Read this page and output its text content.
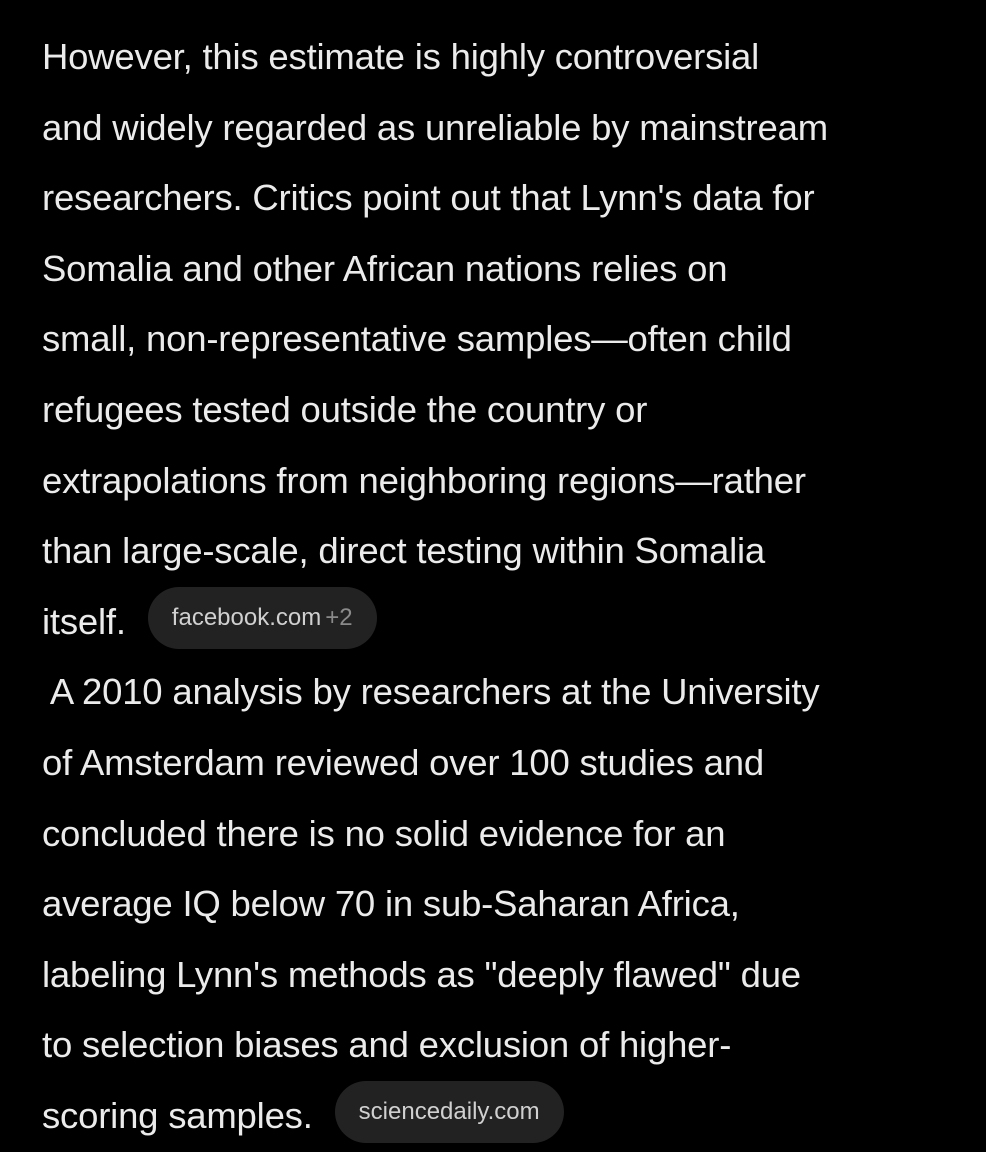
However, this estimate is highly controversial
and widely regarded as unreliable by mainstream
researchers. Critics point out that Lynn's data for
Somalia and other African nations relies on
small, non-representative samples—often child
refugees tested outside the country or
extrapolations from neighboring regions—rather
than large-scale, direct testing within Somalia
itself. facebook.com +2
A 2010 analysis by researchers at the University
of Amsterdam reviewed over 100 studies and
concluded there is no solid evidence for an
average IQ below 70 in sub-Saharan Africa,
labeling Lynn's methods as "deeply flawed" due
to selection biases and exclusion of higher-
scoring samples. sciencedaily.com
